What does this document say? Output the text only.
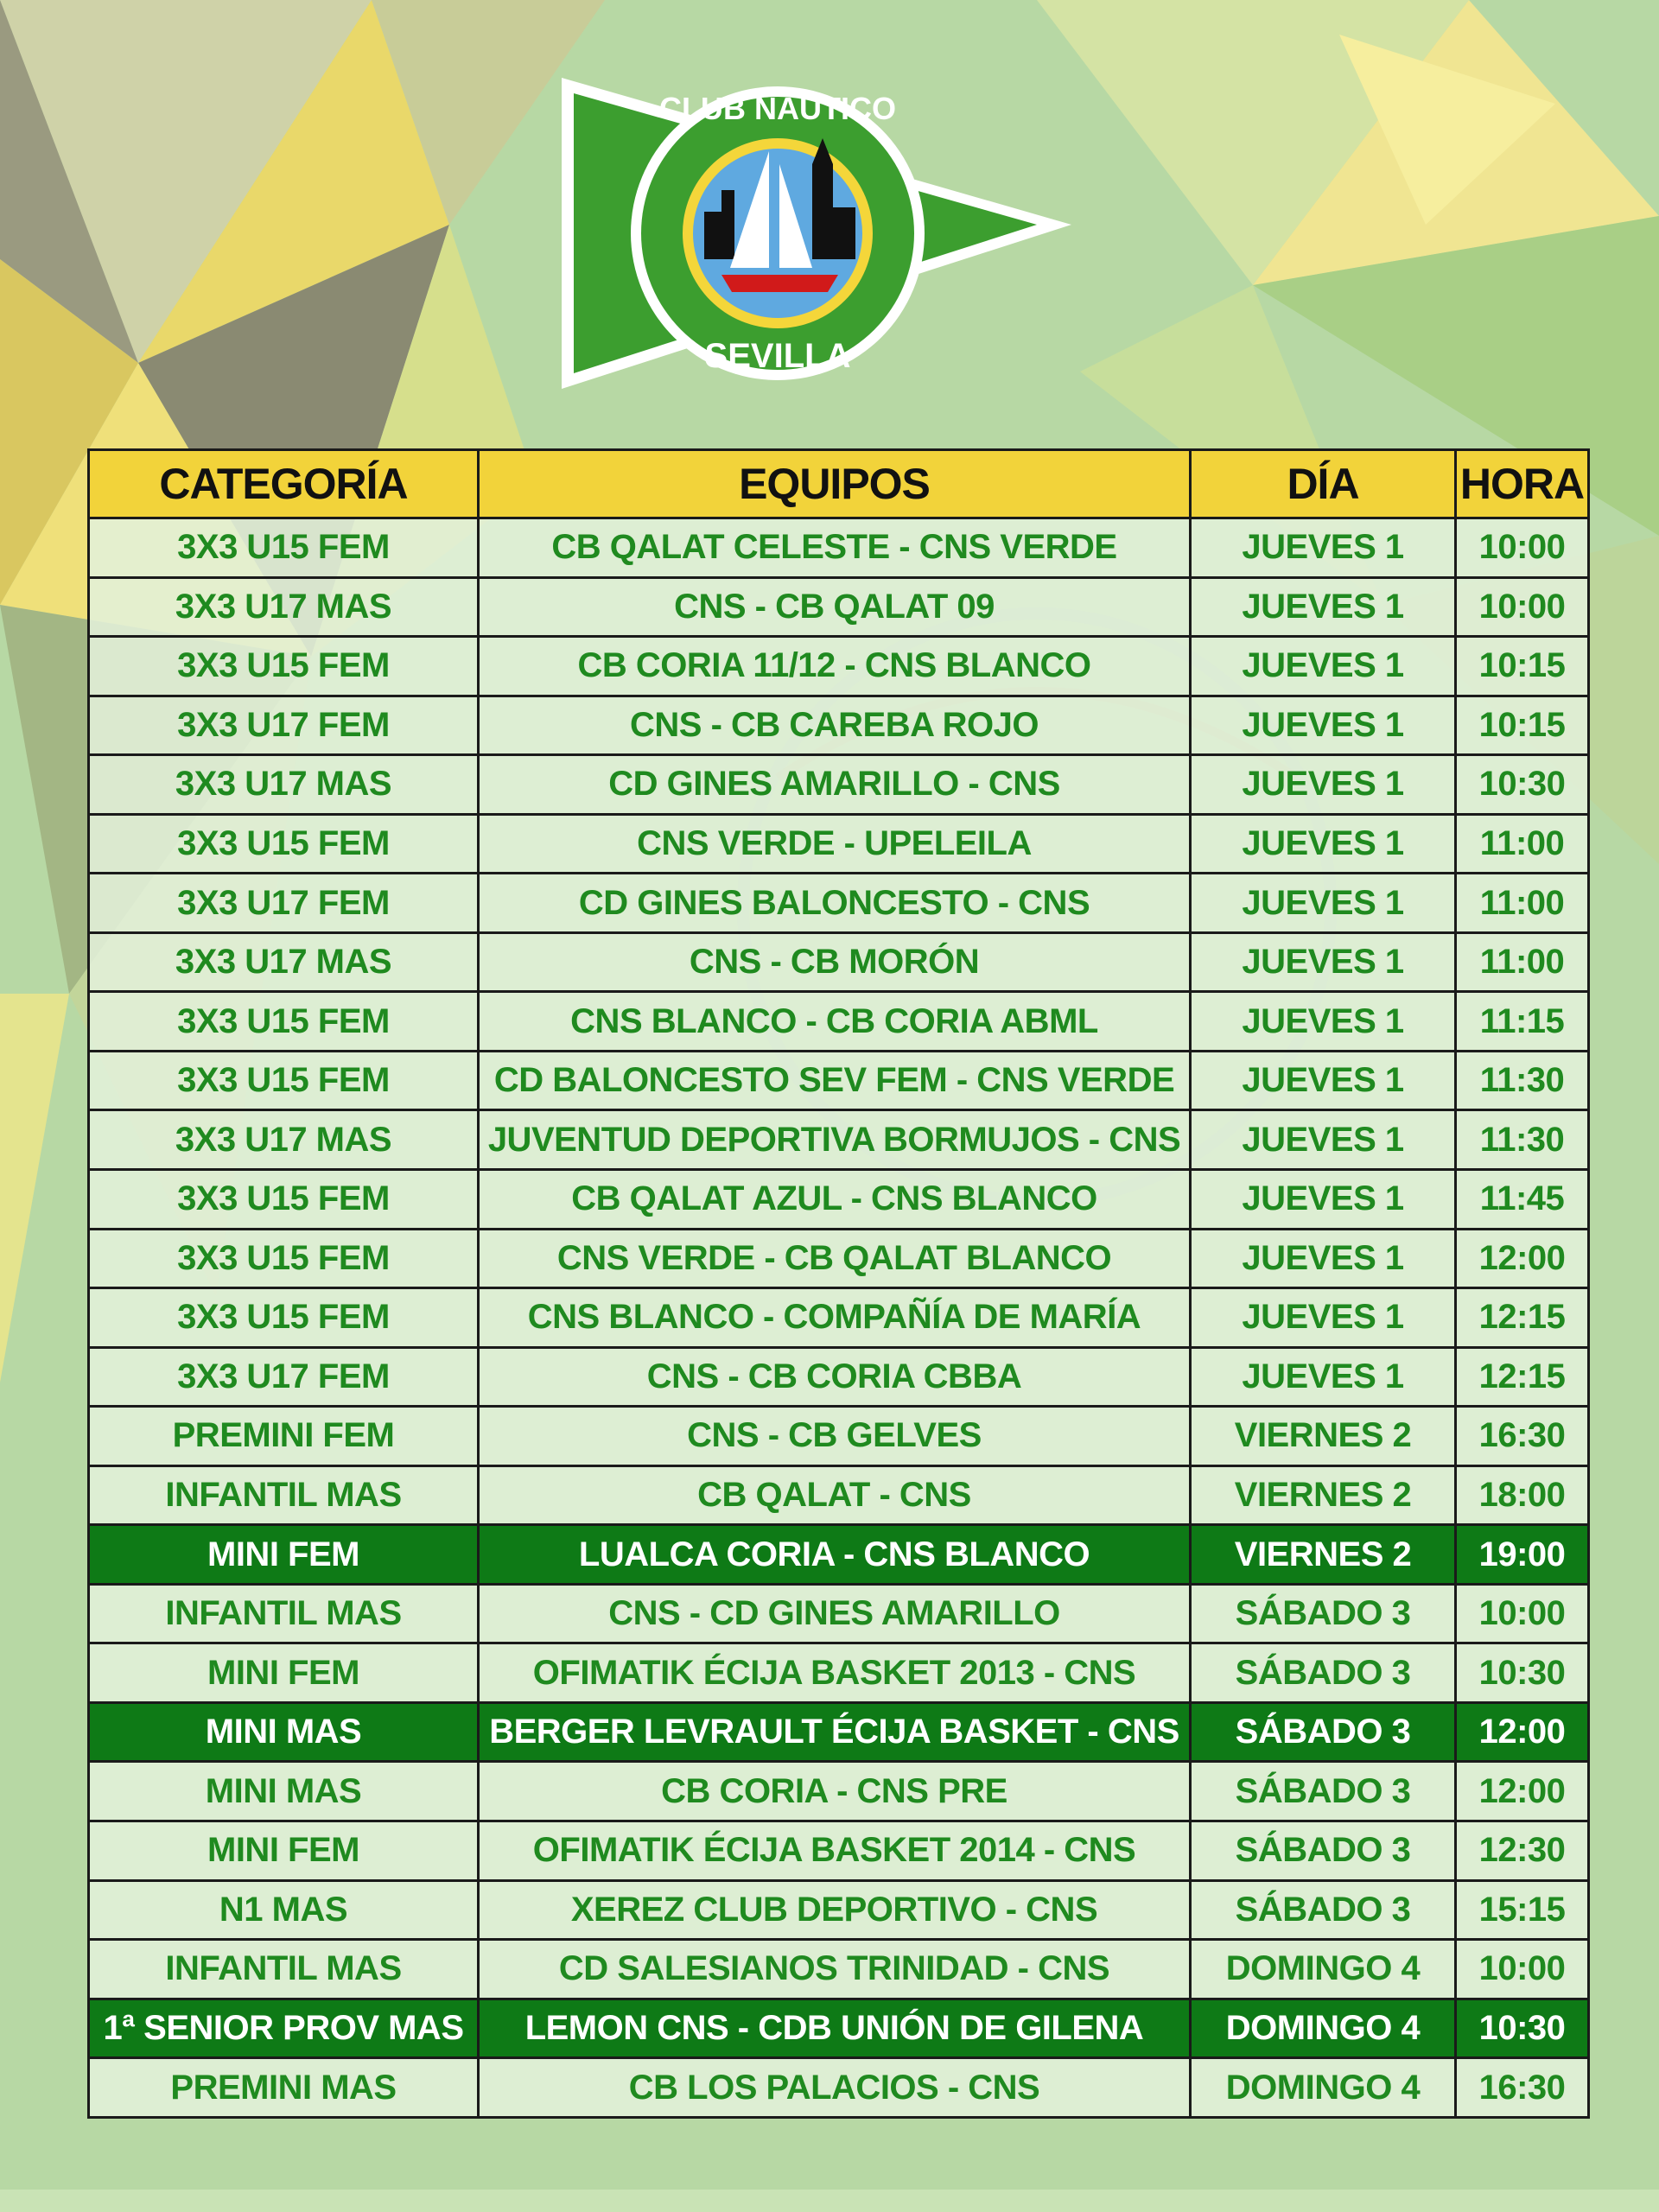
CLUB NÁUTICO
SEVILLA
CATEGORÍA	EQUIPOS	DÍA	HORA
3X3 U15 FEM	CB QALAT CELESTE - CNS VERDE	JUEVES 1	10:00
3X3 U17 MAS	CNS - CB QALAT 09	JUEVES 1	10:00
3X3 U15 FEM	CB CORIA 11/12 - CNS BLANCO	JUEVES 1	10:15
3X3 U17 FEM	CNS - CB CAREBA ROJO	JUEVES 1	10:15
3X3 U17 MAS	CD GINES AMARILLO - CNS	JUEVES 1	10:30
3X3 U15 FEM	CNS VERDE - UPELEILA	JUEVES 1	11:00
3X3 U17 FEM	CD GINES BALONCESTO - CNS	JUEVES 1	11:00
3X3 U17 MAS	CNS - CB MORÓN	JUEVES 1	11:00
3X3 U15 FEM	CNS BLANCO - CB CORIA ABML	JUEVES 1	11:15
3X3 U15 FEM	CD BALONCESTO SEV FEM - CNS VERDE	JUEVES 1	11:30
3X3 U17 MAS	JUVENTUD DEPORTIVA BORMUJOS - CNS	JUEVES 1	11:30
3X3 U15 FEM	CB QALAT AZUL - CNS BLANCO	JUEVES 1	11:45
3X3 U15 FEM	CNS VERDE - CB QALAT BLANCO	JUEVES 1	12:00
3X3 U15 FEM	CNS BLANCO - COMPAÑÍA DE MARÍA	JUEVES 1	12:15
3X3 U17 FEM	CNS - CB CORIA CBBA	JUEVES 1	12:15
PREMINI FEM	CNS - CB GELVES	VIERNES 2	16:30
INFANTIL MAS	CB QALAT - CNS	VIERNES 2	18:00
MINI FEM	LUALCA CORIA - CNS BLANCO	VIERNES 2	19:00
INFANTIL MAS	CNS - CD GINES AMARILLO	SÁBADO 3	10:00
MINI FEM	OFIMATIK ÉCIJA BASKET 2013 - CNS	SÁBADO 3	10:30
MINI MAS	BERGER LEVRAULT ÉCIJA BASKET - CNS	SÁBADO 3	12:00
MINI MAS	CB CORIA - CNS PRE	SÁBADO 3	12:00
MINI FEM	OFIMATIK ÉCIJA BASKET 2014 - CNS	SÁBADO 3	12:30
N1 MAS	XEREZ CLUB DEPORTIVO - CNS	SÁBADO 3	15:15
INFANTIL MAS	CD SALESIANOS TRINIDAD - CNS	DOMINGO 4	10:00
1ª SENIOR PROV MAS	LEMON CNS - CDB UNIÓN DE GILENA	DOMINGO 4	10:30
PREMINI MAS	CB LOS PALACIOS - CNS	DOMINGO 4	16:30
